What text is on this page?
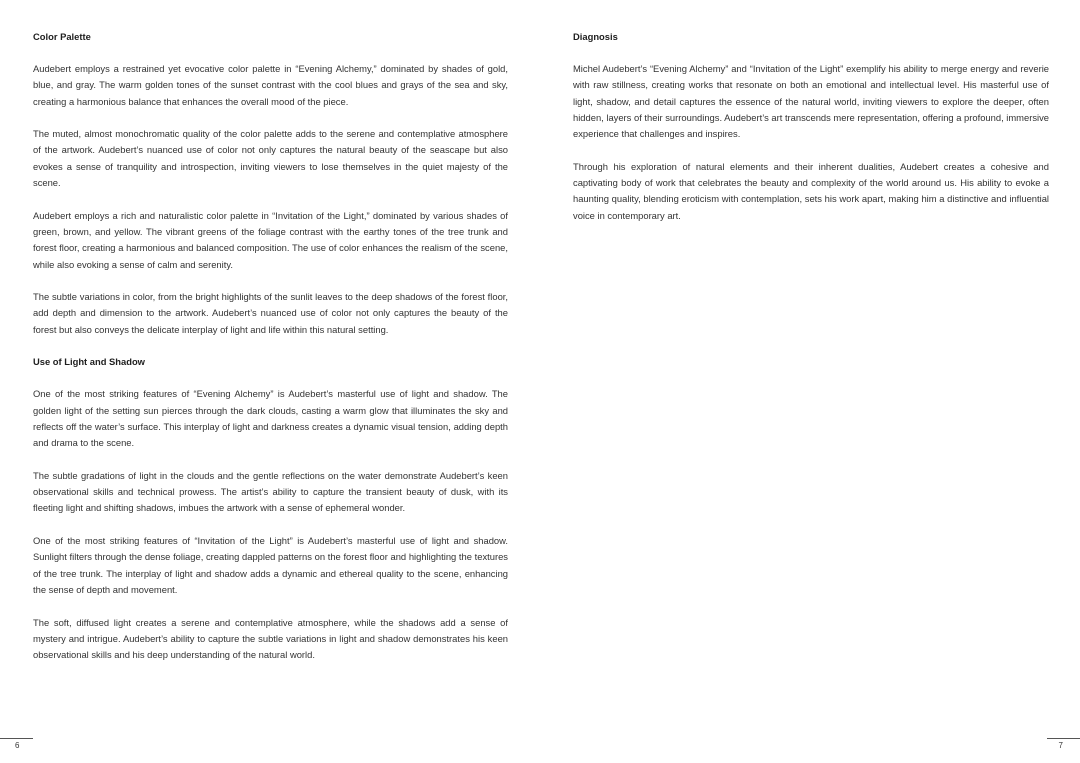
Color Palette

Audebert employs a restrained yet evocative color palette in “Evening Alchemy,” dominated by shades of gold, blue, and gray. The warm golden tones of the sunset contrast with the cool blues and grays of the sea and sky, creating a harmonious balance that enhances the overall mood of the piece.

The muted, almost monochromatic quality of the color palette adds to the serene and contemplative atmosphere of the artwork. Audebert’s nuanced use of color not only captures the natural beauty of the seascape but also evokes a sense of tranquility and introspection, inviting viewers to lose themselves in the quiet majesty of the scene.

Audebert employs a rich and naturalistic color palette in “Invitation of the Light,” dominated by various shades of green, brown, and yellow. The vibrant greens of the foliage contrast with the earthy tones of the tree trunk and forest floor, creating a harmonious and balanced composition. The use of color enhances the realism of the scene, while also evoking a sense of calm and serenity.

The subtle variations in color, from the bright highlights of the sunlit leaves to the deep shadows of the forest floor, add depth and dimension to the artwork. Audebert’s nuanced use of color not only captures the beauty of the forest but also conveys the delicate interplay of light and life within this natural setting.

Use of Light and Shadow

One of the most striking features of “Evening Alchemy” is Audebert’s masterful use of light and shadow. The golden light of the setting sun pierces through the dark clouds, casting a warm glow that illuminates the sky and reflects off the water’s surface. This interplay of light and darkness creates a dynamic visual tension, adding depth and drama to the scene.

The subtle gradations of light in the clouds and the gentle reflections on the water demonstrate Audebert’s keen observational skills and technical prowess. The artist’s ability to capture the transient beauty of dusk, with its fleeting light and shifting shadows, imbues the artwork with a sense of ephemeral wonder.

One of the most striking features of “Invitation of the Light” is Audebert’s masterful use of light and shadow. Sunlight filters through the dense foliage, creating dappled patterns on the forest floor and highlighting the textures of the tree trunk. The interplay of light and shadow adds a dynamic and ethereal quality to the scene, enhancing the sense of depth and movement.

The soft, diffused light creates a serene and contemplative atmosphere, while the shadows add a sense of mystery and intrigue. Audebert’s ability to capture the subtle variations in light and shadow demonstrates his keen observational skills and his deep understanding of the natural world.

6
Diagnosis

Michel Audebert’s “Evening Alchemy” and “Invitation of the Light” exemplify his ability to merge energy and reverie with raw stillness, creating works that resonate on both an emotional and intellectual level. His masterful use of light, shadow, and detail captures the essence of the natural world, inviting viewers to explore the deeper, often hidden, layers of their surroundings. Audebert’s art transcends mere representation, offering a profound, immersive experience that challenges and inspires.

Through his exploration of natural elements and their inherent dualities, Audebert creates a cohesive and captivating body of work that celebrates the beauty and complexity of the world around us. His ability to evoke a haunting quality, blending eroticism with contemplation, sets his work apart, making him a distinctive and influential voice in contemporary art.

7
